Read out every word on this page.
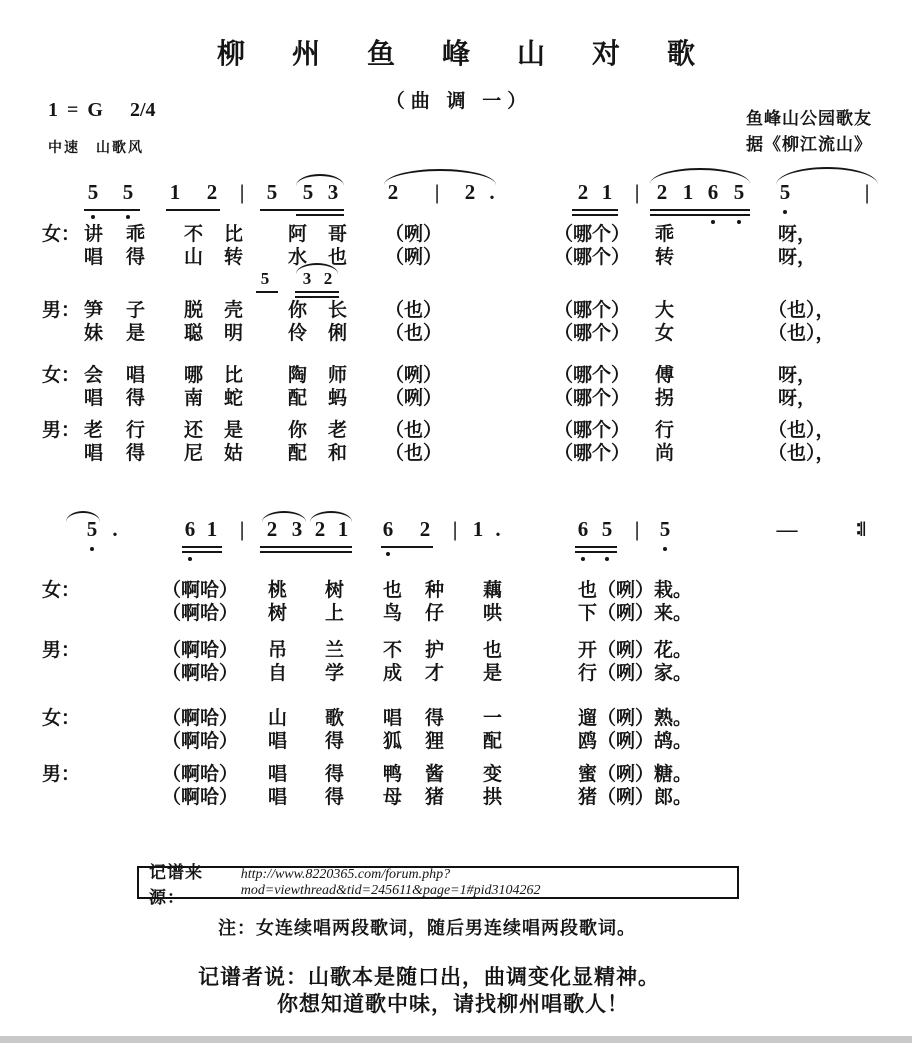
柳 州 鱼 峰 山 对 歌
（曲 调 一）
1 = G 2/4
中速 山歌风
鱼峰山公园歌友
据《柳江流山》
5 5 1 2 | 5 5 3 2 | 2 .	2 1 | 2 1 6 5 5	|
5 3 2
5 .	6 1 | 2 3 2 1 6 2 | 1 .	6 5 | 5	—	∶‖
女： 讲 乖 不 比 阿 哥 （咧）	（哪个） 乖	呀，
唱 得 山 转 水 也 （咧）	（哪个） 转	呀，
男： 笋 子 脱 壳 你 长 （也）	（哪个） 大	（也），
妹 是 聪 明 伶 俐 （也）	（哪个） 女	（也），
女： 会 唱 哪 比 陶 师 （咧）	（哪个） 傅	呀，
唱 得 南 蛇 配 蚂 （咧）	（哪个） 拐	呀，
男： 老 行 还 是 你 老 （也）	（哪个） 行	（也），
唱 得 尼 姑 配 和 （也）	（哪个） 尚	（也），
女：	（啊哈） 桃 树 也 种 藕	也（咧）栽。
（啊哈） 树 上 鸟 仔 哄	下（咧）来。
男：	（啊哈） 吊 兰 不 护 也	开（咧）花。
（啊哈） 自 学 成 才 是	行（咧）家。
女：	（啊哈） 山 歌 唱 得 一	遛（咧）熟。
（啊哈） 唱 得 狐 狸 配	鸥（咧）鸪。
男：	（啊哈） 唱 得 鸭 酱 变	蜜（咧）糖。
（啊哈） 唱 得 母 猪 拱	猪（咧）郎。
记谱来源：
http://www.8220365.com/forum.php?mod=viewthread&tid=245611&page=1#pid3104262
注：女连续唱两段歌词，随后男连续唱两段歌词。
记谱者说：山歌本是随口出，曲调变化显精神。
你想知道歌中味，请找柳州唱歌人！
